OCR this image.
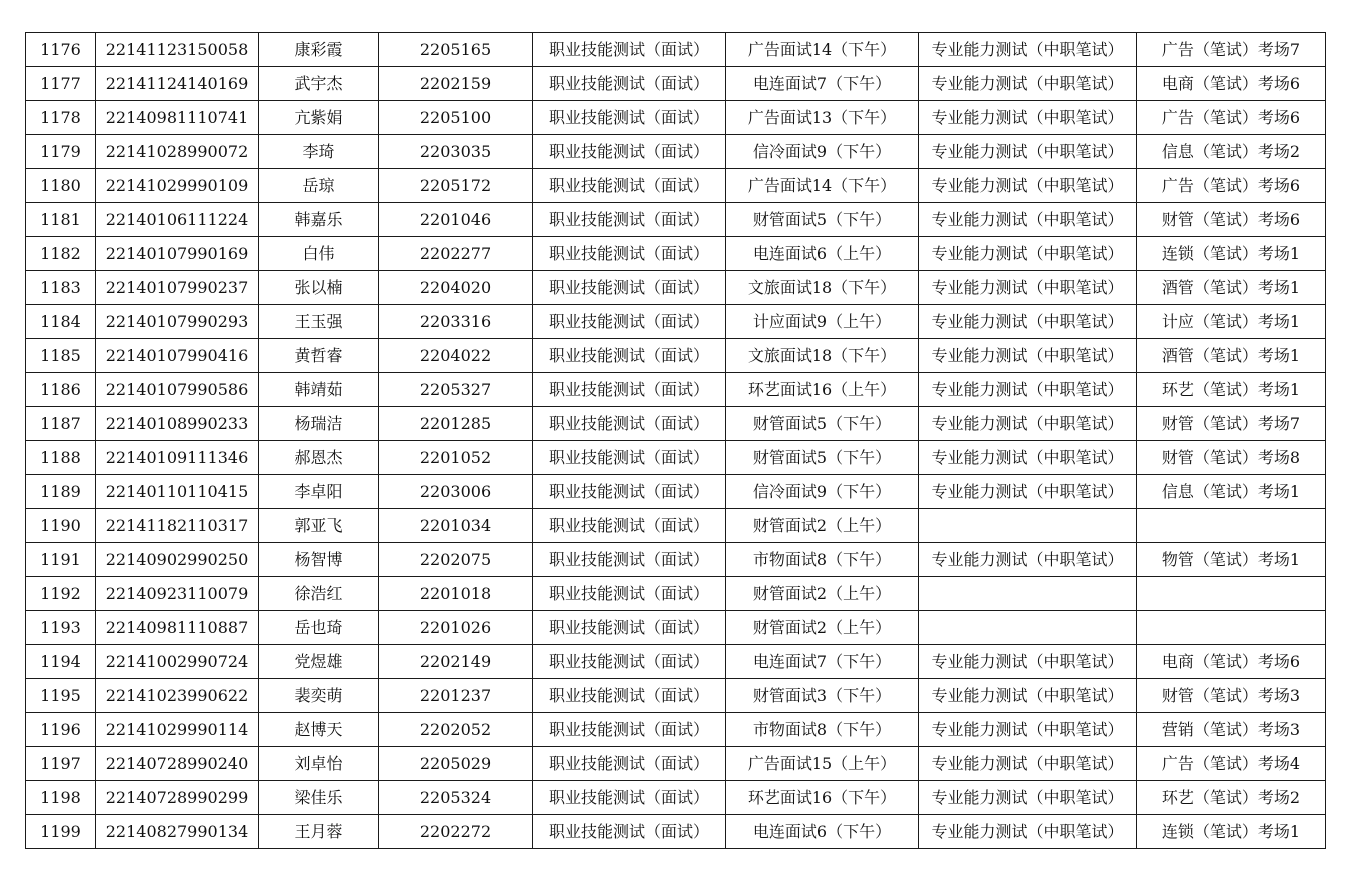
1176	22141123150058	康彩霞	2205165	职业技能测试（面试）	广告面试14（下午）	专业能力测试（中职笔试）	广告（笔试）考场7
1177	22141124140169	武宇杰	2202159	职业技能测试（面试）	电连面试7（下午）	专业能力测试（中职笔试）	电商（笔试）考场6
1178	22140981110741	亢紫娟	2205100	职业技能测试（面试）	广告面试13（下午）	专业能力测试（中职笔试）	广告（笔试）考场6
1179	22141028990072	李琦	2203035	职业技能测试（面试）	信冷面试9（下午）	专业能力测试（中职笔试）	信息（笔试）考场2
1180	22141029990109	岳琼	2205172	职业技能测试（面试）	广告面试14（下午）	专业能力测试（中职笔试）	广告（笔试）考场6
1181	22140106111224	韩嘉乐	2201046	职业技能测试（面试）	财管面试5（下午）	专业能力测试（中职笔试）	财管（笔试）考场6
1182	22140107990169	白伟	2202277	职业技能测试（面试）	电连面试6（上午）	专业能力测试（中职笔试）	连锁（笔试）考场1
1183	22140107990237	张以楠	2204020	职业技能测试（面试）	文旅面试18（下午）	专业能力测试（中职笔试）	酒管（笔试）考场1
1184	22140107990293	王玉强	2203316	职业技能测试（面试）	计应面试9（上午）	专业能力测试（中职笔试）	计应（笔试）考场1
1185	22140107990416	黄哲睿	2204022	职业技能测试（面试）	文旅面试18（下午）	专业能力测试（中职笔试）	酒管（笔试）考场1
1186	22140107990586	韩靖茹	2205327	职业技能测试（面试）	环艺面试16（上午）	专业能力测试（中职笔试）	环艺（笔试）考场1
1187	22140108990233	杨瑞洁	2201285	职业技能测试（面试）	财管面试5（下午）	专业能力测试（中职笔试）	财管（笔试）考场7
1188	22140109111346	郝恩杰	2201052	职业技能测试（面试）	财管面试5（下午）	专业能力测试（中职笔试）	财管（笔试）考场8
1189	22140110110415	李卓阳	2203006	职业技能测试（面试）	信冷面试9（下午）	专业能力测试（中职笔试）	信息（笔试）考场1
1190	22141182110317	郭亚飞	2201034	职业技能测试（面试）	财管面试2（上午）		
1191	22140902990250	杨智博	2202075	职业技能测试（面试）	市物面试8（下午）	专业能力测试（中职笔试）	物管（笔试）考场1
1192	22140923110079	徐浩红	2201018	职业技能测试（面试）	财管面试2（上午）		
1193	22140981110887	岳也琦	2201026	职业技能测试（面试）	财管面试2（上午）		
1194	22141002990724	党煜雄	2202149	职业技能测试（面试）	电连面试7（下午）	专业能力测试（中职笔试）	电商（笔试）考场6
1195	22141023990622	裴奕萌	2201237	职业技能测试（面试）	财管面试3（下午）	专业能力测试（中职笔试）	财管（笔试）考场3
1196	22141029990114	赵博天	2202052	职业技能测试（面试）	市物面试8（下午）	专业能力测试（中职笔试）	营销（笔试）考场3
1197	22140728990240	刘卓怡	2205029	职业技能测试（面试）	广告面试15（上午）	专业能力测试（中职笔试）	广告（笔试）考场4
1198	22140728990299	梁佳乐	2205324	职业技能测试（面试）	环艺面试16（下午）	专业能力测试（中职笔试）	环艺（笔试）考场2
1199	22140827990134	王月蓉	2202272	职业技能测试（面试）	电连面试6（下午）	专业能力测试（中职笔试）	连锁（笔试）考场1
